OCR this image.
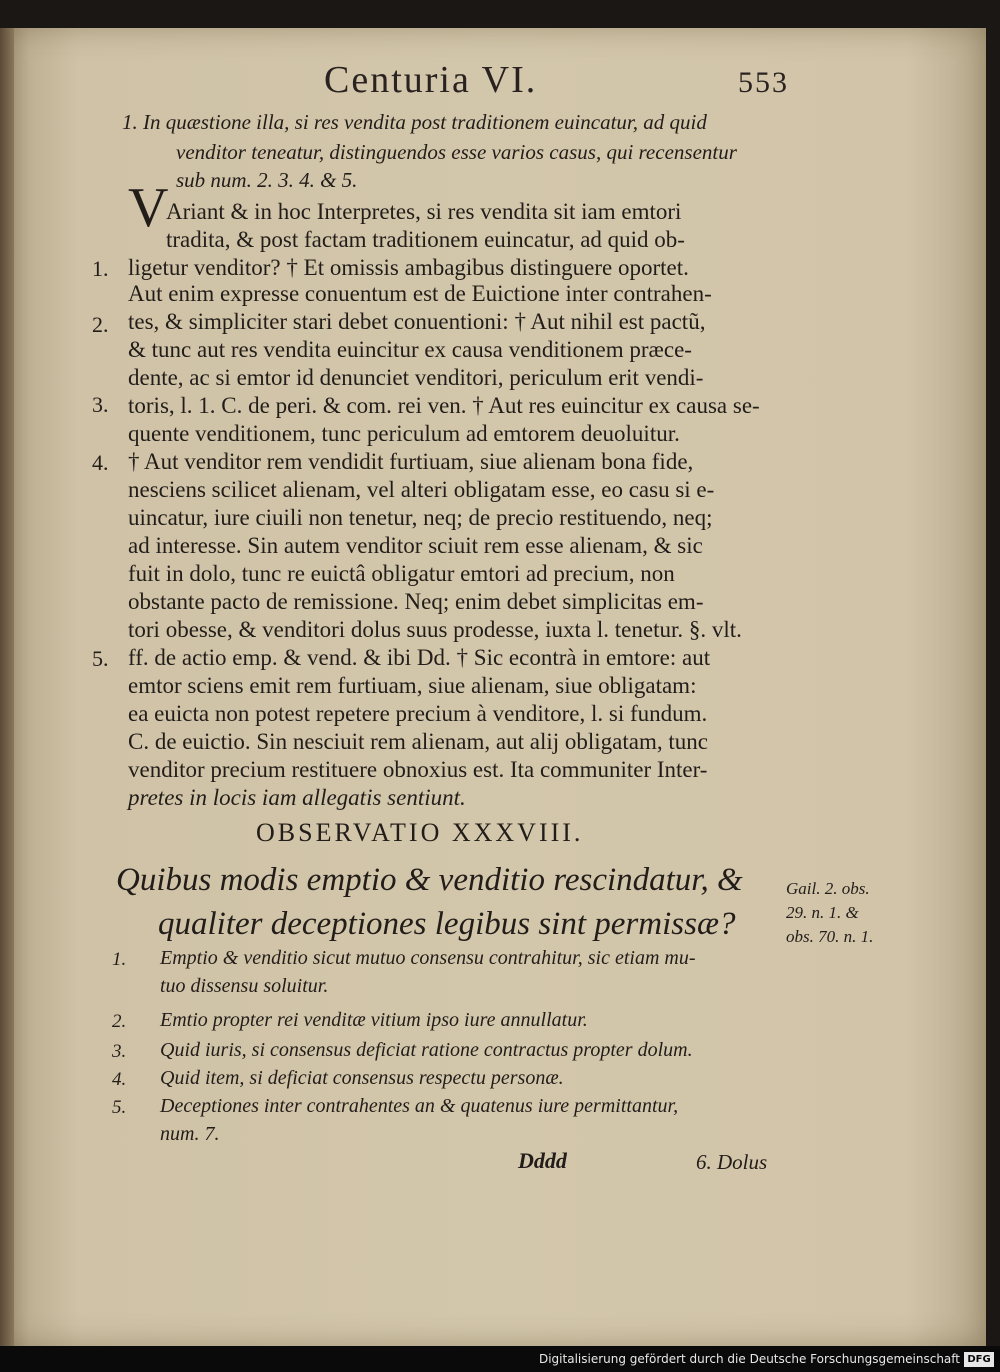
Centuria VI.	553
1. In quæstione illa, si res vendita post traditionem euincatur, ad quid
venditor teneatur, distinguendos esse varios casus, qui recensentur
sub num. 2. 3. 4. & 5.
V
Ariant & in hoc Interpretes, si res vendita sit iam emtori
tradita, & post factam traditionem euincatur, ad quid ob-
ligetur venditor? † Et omissis ambagibus distinguere oportet.
Aut enim expresse conuentum est de Euictione inter contrahen-
tes, & simpliciter stari debet conuentioni: † Aut nihil est pactũ,
& tunc aut res vendita euincitur ex causa venditionem præce-
dente, ac si emtor id denunciet venditori, periculum erit vendi-
toris, l. 1. C. de peri. & com. rei ven. † Aut res euincitur ex causa se-
quente venditionem, tunc periculum ad emtorem deuoluitur.
† Aut venditor rem vendidit furtiuam, siue alienam bona fide,
nesciens scilicet alienam, vel alteri obligatam esse, eo casu si e-
uincatur, iure ciuili non tenetur, neq; de precio restituendo, neq;
ad interesse. Sin autem venditor sciuit rem esse alienam, & sic
fuit in dolo, tunc re euictâ obligatur emtori ad precium, non
obstante pacto de remissione. Neq; enim debet simplicitas em-
tori obesse, & venditori dolus suus prodesse, iuxta l. tenetur. §. vlt.
ff. de actio emp. & vend. & ibi Dd. † Sic econtrà in emtore: aut
emtor sciens emit rem furtiuam, siue alienam, siue obligatam:
ea euicta non potest repetere precium à venditore, l. si fundum.
C. de euictio. Sin nesciuit rem alienam, aut alij obligatam, tunc
venditor precium restituere obnoxius est. Ita communiter Inter-
pretes in locis iam allegatis sentiunt.
1.
2.
3.
4.
5.
OBSERVATIO XXXVIII.
Quibus modis emptio & venditio rescindatur, &
qualiter deceptiones legibus sint permissæ?
Gail. 2. obs.
29. n. 1. &
obs. 70. n. 1.
1. Emptio & venditio sicut mutuo consensu contrahitur, sic etiam mu-
tuo dissensu soluitur.
2. Emtio propter rei venditæ vitium ipso iure annullatur.
3. Quid iuris, si consensus deficiat ratione contractus propter dolum.
4. Quid item, si deficiat consensus respectu personæ.
5. Deceptiones inter contrahentes an & quatenus iure permittantur,
num. 7.
Dddd	6. Dolus
Digitalisierung gefördert durch die Deutsche Forschungsgemeinschaft DFG
